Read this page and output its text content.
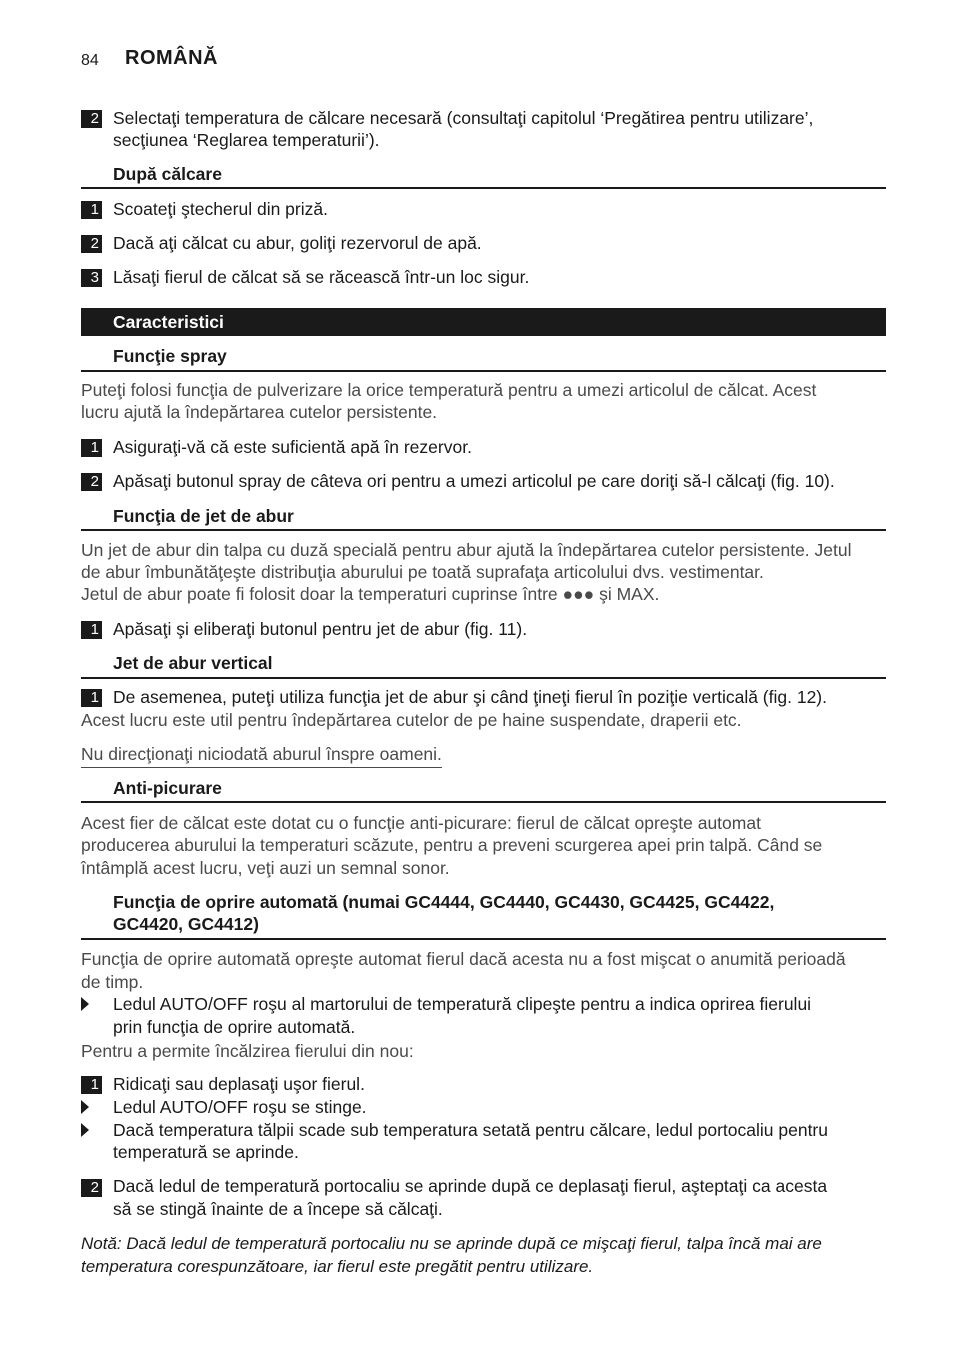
84 ROMÂNĂ
2 Selectaţi temperatura de călcare necesară (consultaţi capitolul ‘Pregătirea pentru utilizare’,
secţiunea ‘Reglarea temperaturii’).
După călcare
1 Scoateţi ştecherul din priză.
2 Dacă aţi călcat cu abur, goliţi rezervorul de apă.
3 Lăsaţi fierul de călcat să se răcească într-un loc sigur.
Caracteristici
Funcţie spray
Puteţi folosi funcţia de pulverizare la orice temperatură pentru a umezi articolul de călcat. Acest
lucru ajută la îndepărtarea cutelor persistente.
1 Asiguraţi-vă că este suficientă apă în rezervor.
2 Apăsaţi butonul spray de câteva ori pentru a umezi articolul pe care doriţi să-l călcaţi (fig. 10).
Funcţia de jet de abur
Un jet de abur din talpa cu duză specială pentru abur ajută la îndepărtarea cutelor persistente. Jetul
de abur îmbunătăţeşte distribuţia aburului pe toată suprafaţa articolului dvs. vestimentar.
Jetul de abur poate fi folosit doar la temperaturi cuprinse între ●●● şi MAX.
1 Apăsaţi şi eliberaţi butonul pentru jet de abur (fig. 11).
Jet de abur vertical
1 De asemenea, puteţi utiliza funcţia jet de abur şi când ţineţi fierul în poziţie verticală (fig. 12).
Acest lucru este util pentru îndepărtarea cutelor de pe haine suspendate, draperii etc.
Nu direcţionaţi niciodată aburul înspre oameni.
Anti-picurare
Acest fier de călcat este dotat cu o funcţie anti-picurare: fierul de călcat opreşte automat
producerea aburului la temperaturi scăzute, pentru a preveni scurgerea apei prin talpă. Când se
întâmplă acest lucru, veţi auzi un semnal sonor.
Funcţia de oprire automată (numai GC4444, GC4440, GC4430, GC4425, GC4422,
GC4420, GC4412)
Funcţia de oprire automată opreşte automat fierul dacă acesta nu a fost mişcat o anumită perioadă
de timp.
Ledul AUTO/OFF roşu al martorului de temperatură clipeşte pentru a indica oprirea fierului
prin funcţia de oprire automată.
Pentru a permite încălzirea fierului din nou:
1 Ridicaţi sau deplasaţi uşor fierul.
Ledul AUTO/OFF roşu se stinge.
Dacă temperatura tălpii scade sub temperatura setată pentru călcare, ledul portocaliu pentru
temperatură se aprinde.
2 Dacă ledul de temperatură portocaliu se aprinde după ce deplasaţi fierul, aşteptaţi ca acesta
să se stingă înainte de a începe să călcaţi.
Notă: Dacă ledul de temperatură portocaliu nu se aprinde după ce mişcaţi fierul, talpa încă mai are
temperatura corespunzătoare, iar fierul este pregătit pentru utilizare.
